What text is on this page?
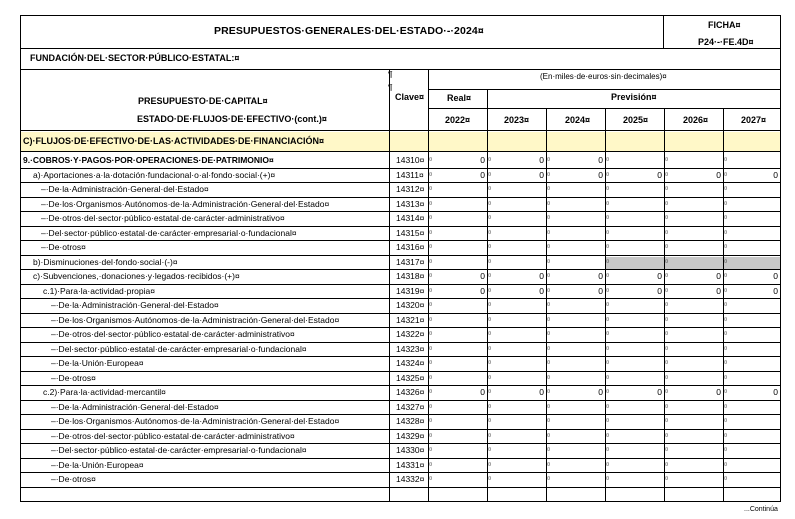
PRESUPUESTOS·GENERALES·DEL·ESTADO·-·2024¤	FICHA¤
P24·-·FE.4D¤
FUNDACIÓN·DEL·SECTOR·PÚBLICO·ESTATAL:¤
PRESUPUESTO·DE·CAPITAL¤
ESTADO·DE·FLUJOS·DE·EFECTIVO·(cont.)¤
¶
¶
Clave¤
(En·miles·de·euros·sin·decimales)¤
Real¤	Previsión¤
2022¤	2023¤	2024¤	2025¤	2026¤	2027¤
C)·FLUJOS·DE·EFECTIVO·DE·LAS·ACTIVIDADES·DE·FINANCIACIÓN¤
9.·COBROS·Y·PAGOS·POR·OPERACIONES·DE·PATRIMONIO¤	14310¤ ¤	0 ¤	0 ¤	0 ¤	¤	¤
a)·Aportaciones·a·la·dotación·fundacional·o·al·fondo·social·(+)¤	14311¤ ¤	0 ¤	0 ¤	0 ¤	0 ¤	0 ¤	0
–·De·la·Administración·General·del·Estado¤	14312¤ ¤	¤	¤	¤	¤	¤
–·De·los·Organismos·Autónomos·de·la·Administración·General·del·Estado¤	14313¤ ¤	¤	¤	¤	¤	¤
–·De·otros·del·sector·público·estatal·de·carácter·administrativo¤	14314¤ ¤	¤	¤	¤	¤	¤
–·Del·sector·público·estatal·de·carácter·empresarial·o·fundacional¤	14315¤ ¤	¤	¤	¤	¤	¤
–·De·otros¤	14316¤ ¤	¤	¤	¤	¤	¤
b)·Disminuciones·del·fondo·social·(-)¤	14317¤ ¤	¤	¤	¤	¤	¤
c)·Subvenciones,·donaciones·y·legados·recibidos·(+)¤	14318¤ ¤	0 ¤	0 ¤	0 ¤	0 ¤	0 ¤	0
c.1)·Para·la·actividad·propia¤	14319¤ ¤	0 ¤	0 ¤	0 ¤	0 ¤	0 ¤	0
–·De·la·Administración·General·del·Estado¤	14320¤ ¤	¤	¤	¤	¤	¤
–·De·los·Organismos·Autónomos·de·la·Administración·General·del·Estado¤	14321¤ ¤	¤	¤	¤	¤	¤
–·De·otros·del·sector·público·estatal·de·carácter·administrativo¤	14322¤ ¤	¤	¤	¤	¤	¤
–·Del·sector·público·estatal·de·carácter·empresarial·o·fundacional¤	14323¤ ¤	¤	¤	¤	¤	¤
–·De·la·Unión·Europea¤	14324¤ ¤	¤	¤	¤	¤	¤
–·De·otros¤	14325¤ ¤	¤	¤	¤	¤	¤
c.2)·Para·la·actividad·mercantil¤	14326¤ ¤	0 ¤	0 ¤	0 ¤	0 ¤	0 ¤	0
–·De·la·Administración·General·del·Estado¤	14327¤ ¤	¤	¤	¤	¤	¤
–·De·los·Organismos·Autónomos·de·la·Administración·General·del·Estado¤	14328¤ ¤	¤	¤	¤	¤	¤
–·De·otros·del·sector·público·estatal·de·carácter·administrativo¤	14329¤ ¤	¤	¤	¤	¤	¤
–·Del·sector·público·estatal·de·carácter·empresarial·o·fundacional¤	14330¤ ¤	¤	¤	¤	¤	¤
–·De·la·Unión·Europea¤	14331¤ ¤	¤	¤	¤	¤	¤
–·De·otros¤	14332¤ ¤	¤	¤	¤	¤	¤
...Continúa
